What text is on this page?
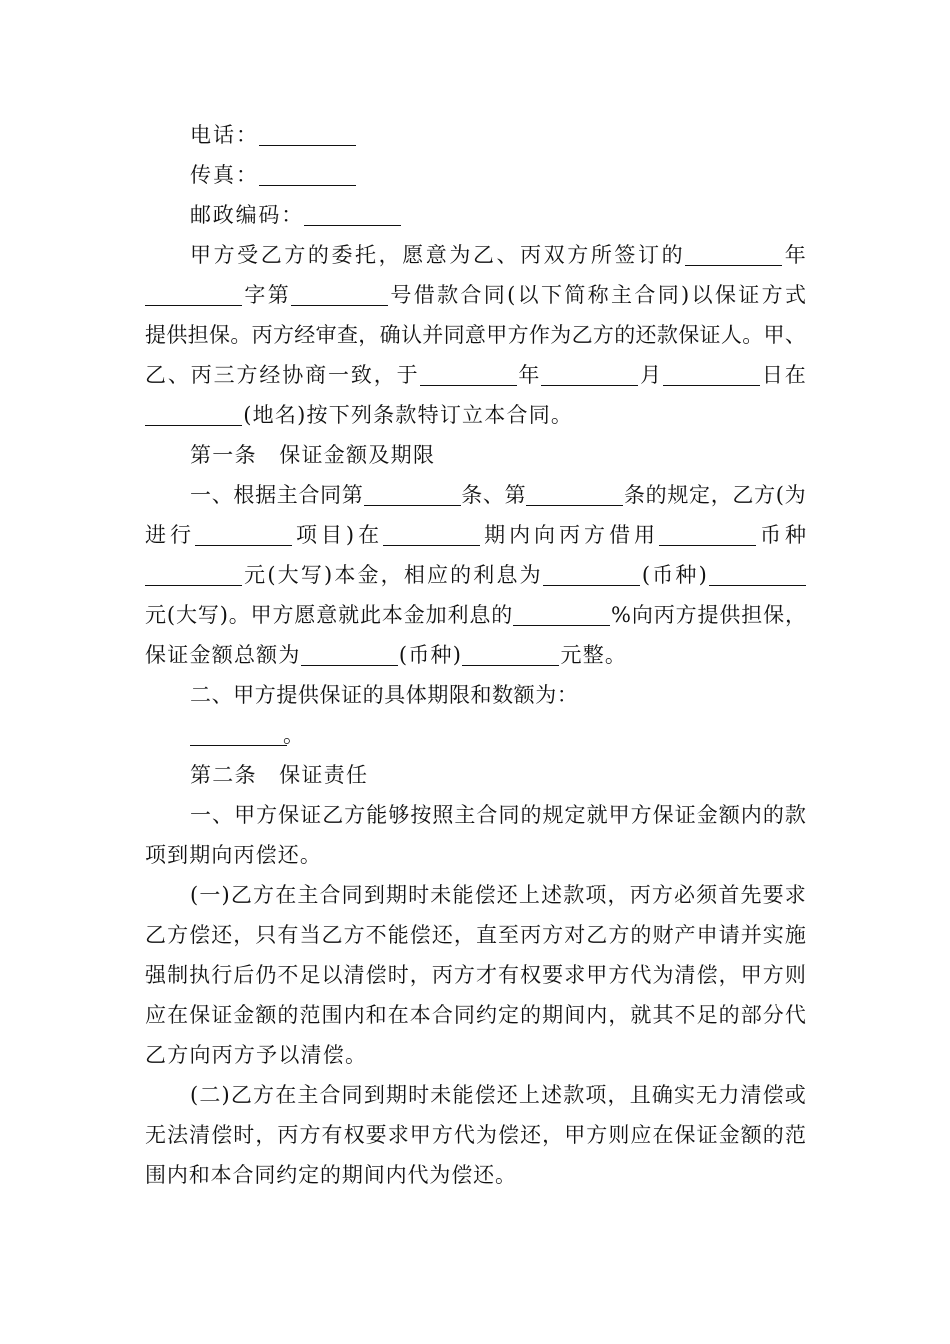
电话：
传真：
邮政编码：
甲 方 受 乙 方 的 委 托 ， 愿 意 为 乙 、 丙 双 方 所 签 订 的	年
字 第	号 借 款 合 同 ( 以 下 简 称 主 合 同 ) 以 保 证 方 式
提供担保。丙方经审查，确认并同意甲方作为乙方的还款保证人。甲、
乙、丙三方经协商一致，于	年	月	日在
(地名)按下列条款特订立本合同。
第一条　 保证金额及期限
一、根据主合同第	条、第	条的规定，乙方(为
进 行	项 目 ) 在	期 内 向 丙 方 借 用	币 种
元 ( 大 写 ) 本 金 ， 相 应 的 利 息 为	( 币 种 )
元(大写)。甲方愿意就此本金加利息的	%向丙方提供担保，
保证金额总额为	(币种)	元整。
二、甲方提供保证的具体期限和数额为：
。
第二条　 保证责任
一、甲方保证乙方能够按照主合同的规定就甲方保证金额内的款
项到期向丙偿还。
(一)乙方在主合同到期时未能偿还上述款项，丙方必须首先要求
乙方偿还，只有当乙方不能偿还，直至丙方对乙方的财产申请并实施
强制执行后仍不足以清偿时，丙方才有权要求甲方代为清偿，甲方则
应在保证金额的范围内和在本合同约定的期间内，就其不足的部分代
乙方向丙方予以清偿。
(二)乙方在主合同到期时未能偿还上述款项，且确实无力清偿或
无法清偿时，丙方有权要求甲方代为偿还，甲方则应在保证金额的范
围内和本合同约定的期间内代为偿还。
